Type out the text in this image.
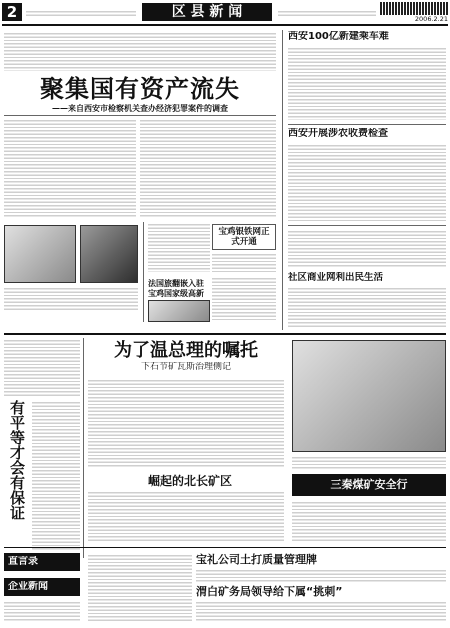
2	区 县 新 闻	2006.2.21
聚集国有资产流失
——来自西安市检察机关查办经济犯罪案件的调查
宝鸡银铁网正式开通
法国旅翻嵌入驻宝鸡国家级高新
西安100亿新建乘车难
西安开展涉农收费检查
社区商业网利出民生活
有平等才会有保证
为了温总理的嘱托
下石节矿瓦斯治理侧记
崛起的北长矿区	三秦煤矿安全行
直言录
企业新闻
宝礼公司土打质量管理牌
渭白矿务局领导给下属“挑刺”
